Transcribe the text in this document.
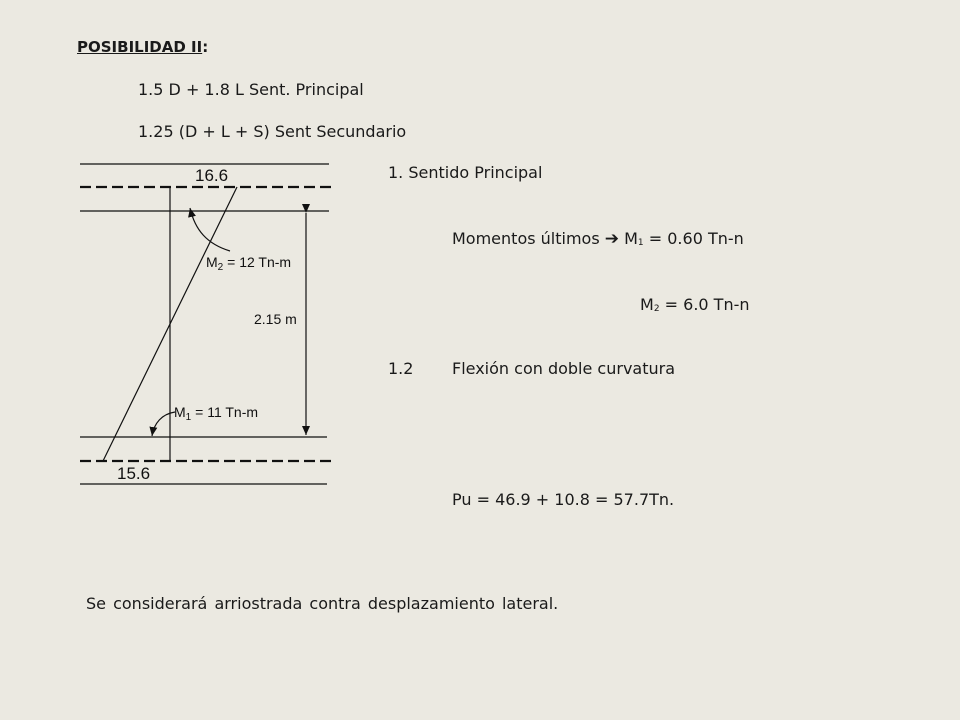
POSIBILIDAD II:
1.5 D + 1.8 L Sent. Principal
1.25 (D + L + S) Sent Secundario
1. Sentido Principal
Momentos últimos ➔ $M_1 = 0.60$ Tn-n
$M_2 = 6.0$ Tn-n
1.2 Flexión con doble curvatura
Pu = 46.9 + 10.8 = 57.7Tn.
Se considerará arriostrada contra desplazamiento lateral.
16.6
15.6
$M_2 = 12$ Tn-m
$M_1 = 11$ Tn-m
2.15 m
